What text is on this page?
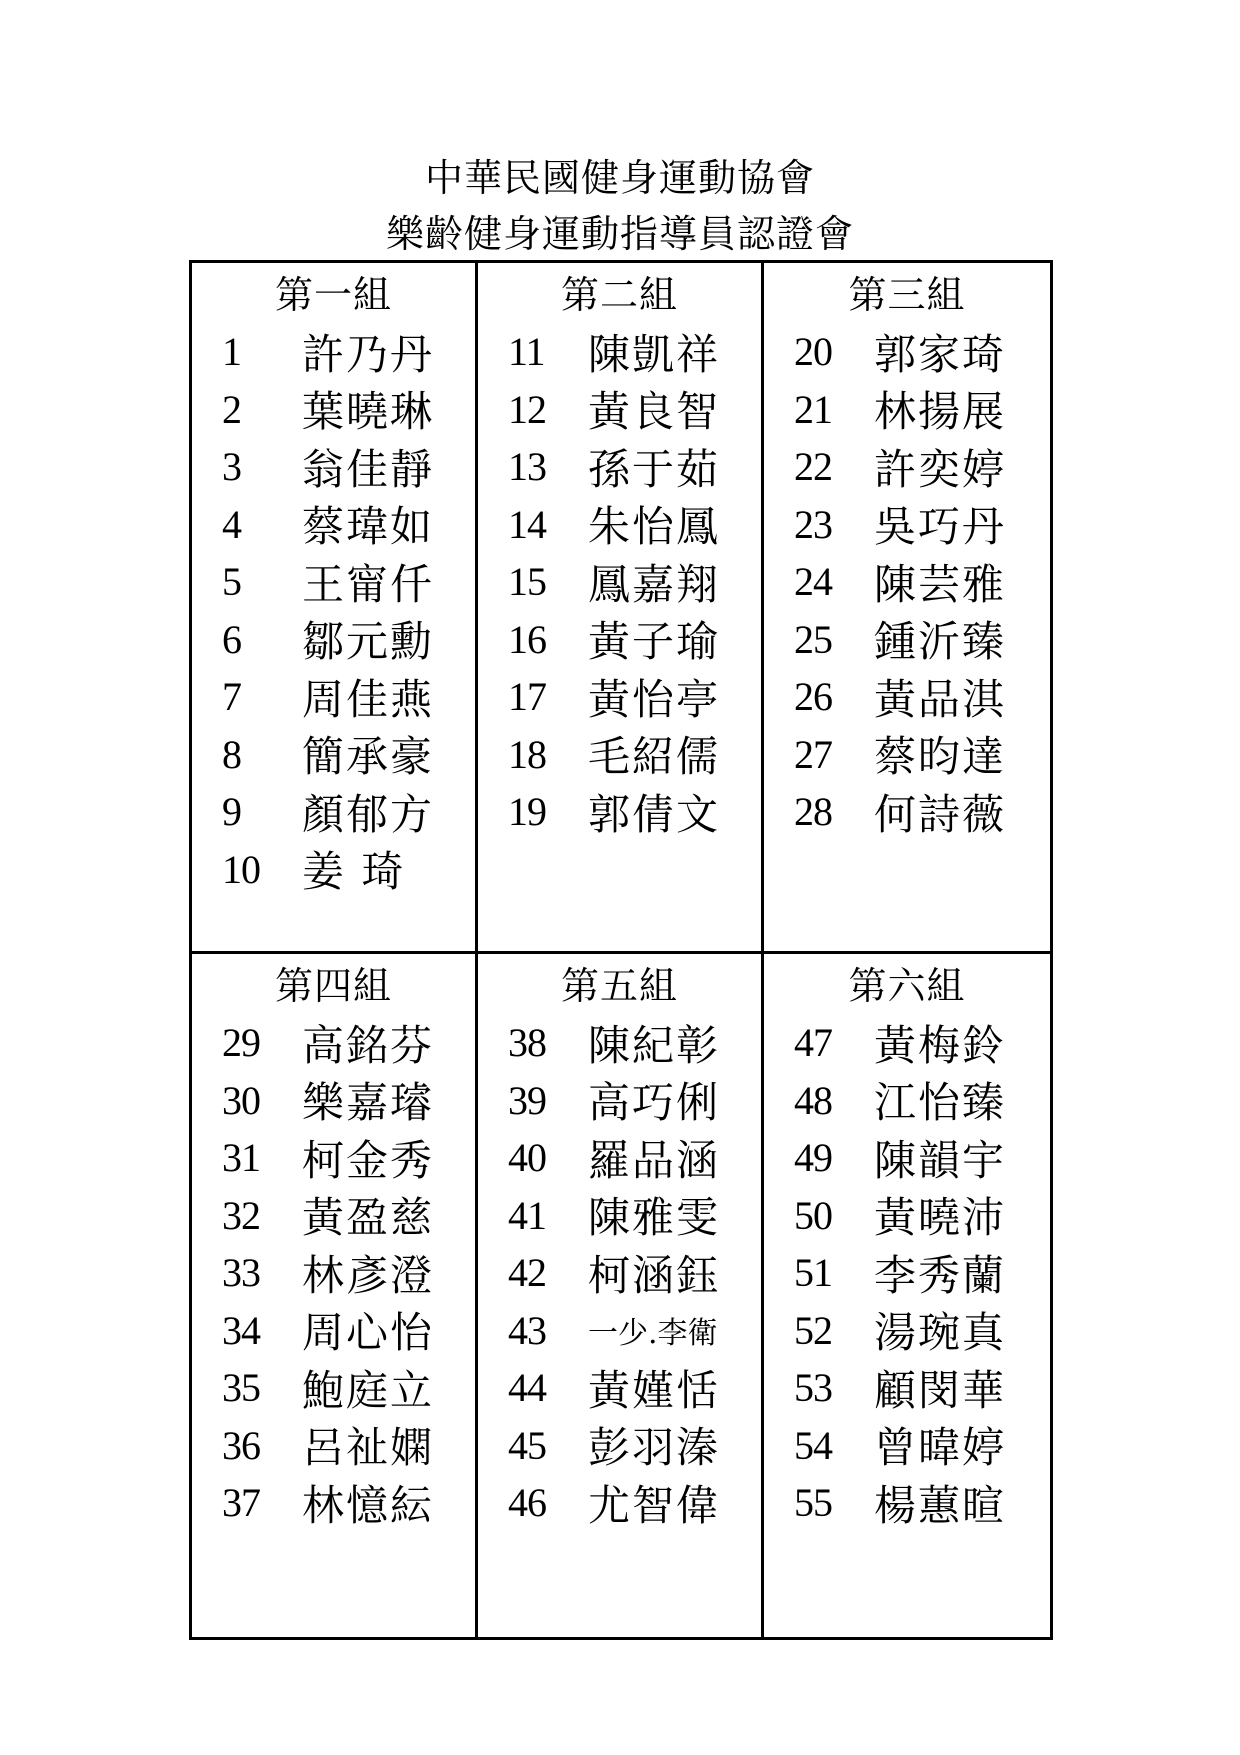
中華民國健身運動協會
樂齡健身運動指導員認證會
第一組
1	許乃丹
2	葉曉琳
3	翁佳靜
4	蔡瑋如
5	王甯仟
6	鄒元勳
7	周佳燕
8	簡承豪
9	顏郁方
10	姜 琦
第二組
11	陳凱祥
12	黃良智
13	孫于茹
14	朱怡鳳
15	鳳嘉翔
16	黃子瑜
17	黃怡亭
18	毛紹儒
19	郭倩文
第三組
20	郭家琦
21	林揚展
22	許奕婷
23	吳巧丹
24	陳芸雅
25	鍾沂臻
26	黃品淇
27	蔡昀達
28	何詩薇
第四組
29	高銘芬
30	樂嘉璿
31	柯金秀
32	黃盈慈
33	林彥澄
34	周心怡
35	鮑庭立
36	呂祉嫻
37	林憶紜
第五組
38	陳紀彰
39	高巧俐
40	羅品涵
41	陳雅雯
42	柯涵鈺
43	一少.李衛
44	黃嫤恬
45	彭羽溱
46	尤智偉
第六組
47	黃梅鈴
48	江怡臻
49	陳韻宇
50	黃曉沛
51	李秀蘭
52	湯琬真
53	顧閔華
54	曾暐婷
55	楊蕙暄
